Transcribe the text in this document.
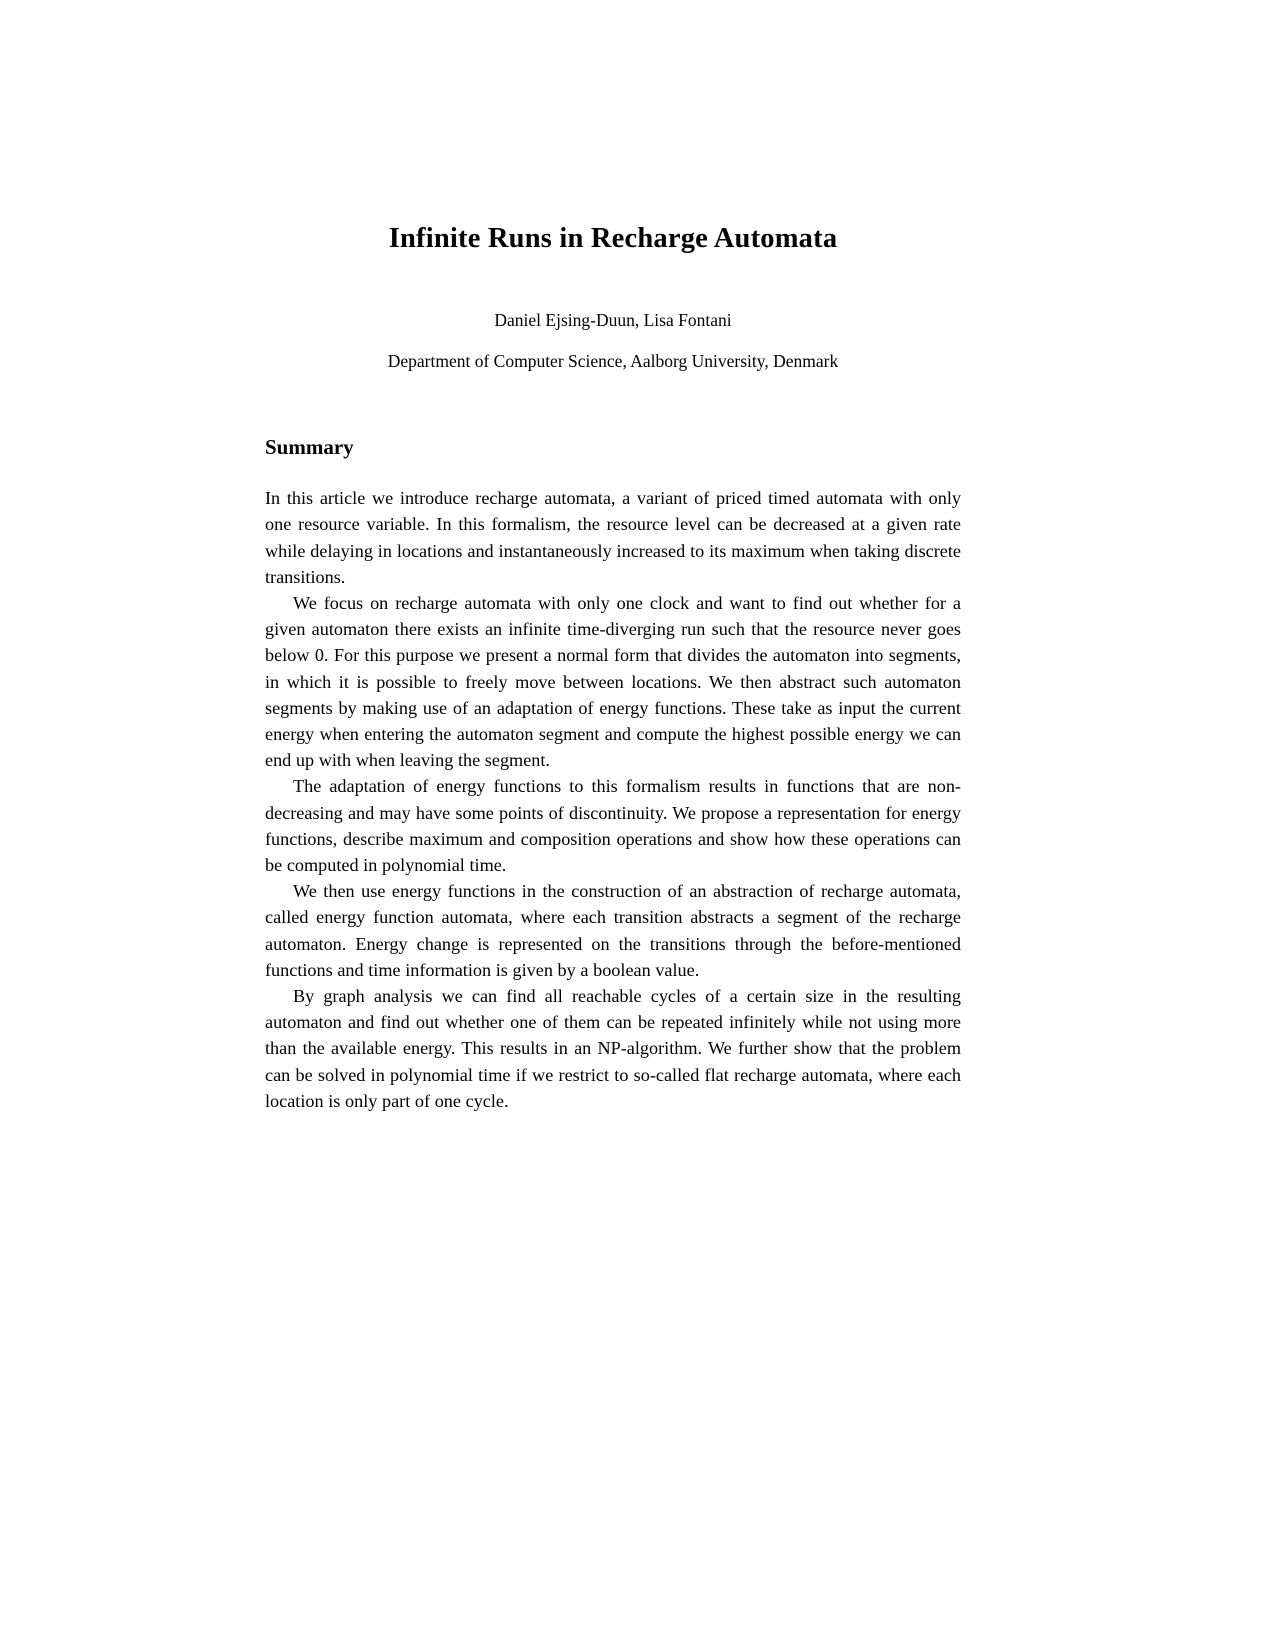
Infinite Runs in Recharge Automata
Daniel Ejsing-Duun, Lisa Fontani
Department of Computer Science, Aalborg University, Denmark
Summary

In this article we introduce recharge automata, a variant of priced timed automata with only one resource variable. In this formalism, the resource level can be decreased at a given rate while delaying in locations and instantaneously increased to its maximum when taking discrete transitions.

We focus on recharge automata with only one clock and want to find out whether for a given automaton there exists an infinite time-diverging run such that the resource never goes below 0. For this purpose we present a normal form that divides the automaton into segments, in which it is possible to freely move between locations. We then abstract such automaton segments by making use of an adaptation of energy functions. These take as input the current energy when entering the automaton segment and compute the highest possible energy we can end up with when leaving the segment.

The adaptation of energy functions to this formalism results in functions that are non-decreasing and may have some points of discontinuity. We propose a representation for energy functions, describe maximum and composition operations and show how these operations can be computed in polynomial time.

We then use energy functions in the construction of an abstraction of recharge automata, called energy function automata, where each transition abstracts a segment of the recharge automaton. Energy change is represented on the transitions through the before-mentioned functions and time information is given by a boolean value.

By graph analysis we can find all reachable cycles of a certain size in the resulting automaton and find out whether one of them can be repeated infinitely while not using more than the available energy. This results in an NP-algorithm. We further show that the problem can be solved in polynomial time if we restrict to so-called flat recharge automata, where each location is only part of one cycle.
